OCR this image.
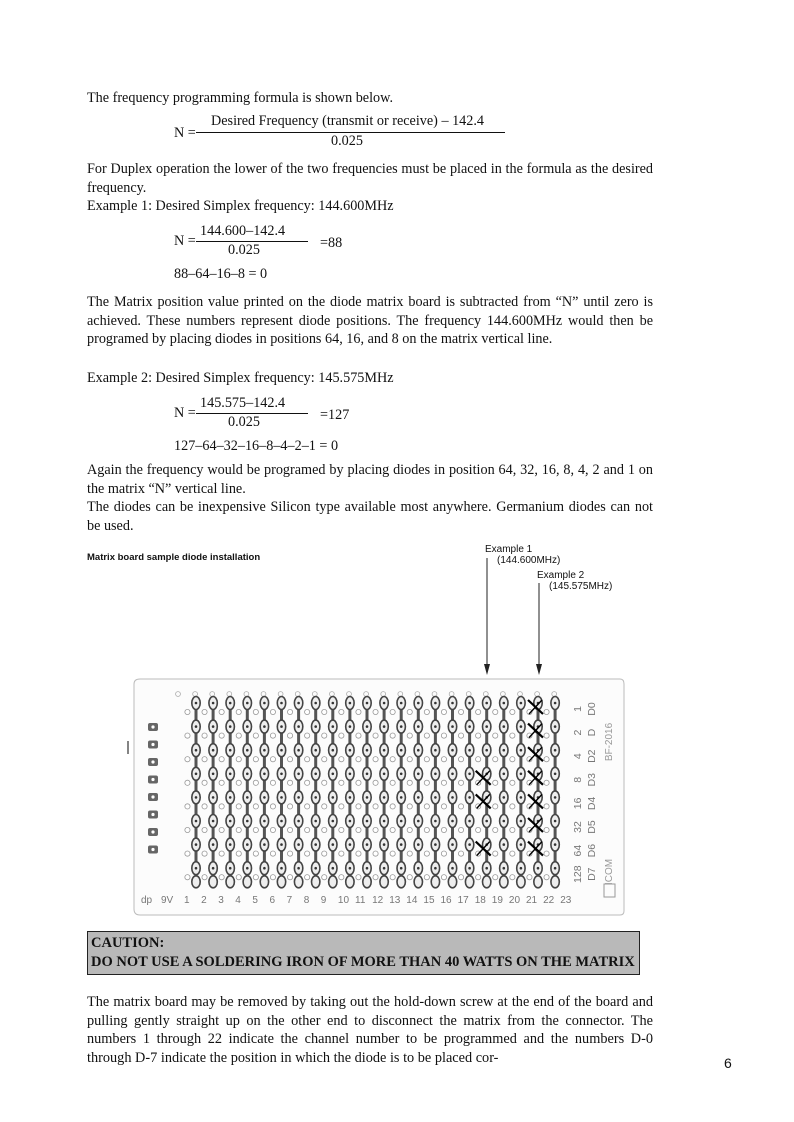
The frequency programming formula is shown below.
N =
Desired Frequency (transmit or receive) – 142.4
0.025
For Duplex operation the lower of the two frequencies must be placed in the formula as the desired frequency.
Example 1: Desired Simplex frequency: 144.600MHz
N =
144.600–142.4
0.025	=88
88–64–16–8 = 0
The Matrix position value printed on the diode matrix board is subtracted from “N” until zero is achieved. These numbers represent diode positions. The frequency 144.600MHz would then be programed by placing diodes in positions 64, 16, and 8 on the matrix vertical line.
Example 2: Desired Simplex frequency: 145.575MHz
N =
145.575–142.4
0.025	=127
127–64–32–16–8–4–2–1 = 0
Again the frequency would be programed by placing diodes in position 64, 32, 16, 8, 4, 2 and 1 on the matrix “N” vertical line.
The diodes can be inexpensive Silicon type available most anywhere. Germanium diodes can not be used.
Matrix board sample diode installation
Example 1
(144.600MHz)
Example 2
(145.575MHz)
dp 9V 1 2 3 4 5 6 7 8 9 10 11 12 13 14 15 16 17 18 19 20 21 22 23
1 D0
2 D
4 D2
8 D3
16 D4
32 D5
64 D6
128 D7
BF-2016
ICOM
CAUTION:
DO NOT USE A SOLDERING IRON OF MORE THAN 40 WATTS ON THE MATRIX
The matrix board may be removed by taking out the hold-down screw at the end of the board and pulling gently straight up on the other end to disconnect the matrix from the connector. The numbers 1 through 22 indicate the channel number to be programmed and the numbers D-0 through D-7 indicate the position in which the diode is to be placed cor-	6
